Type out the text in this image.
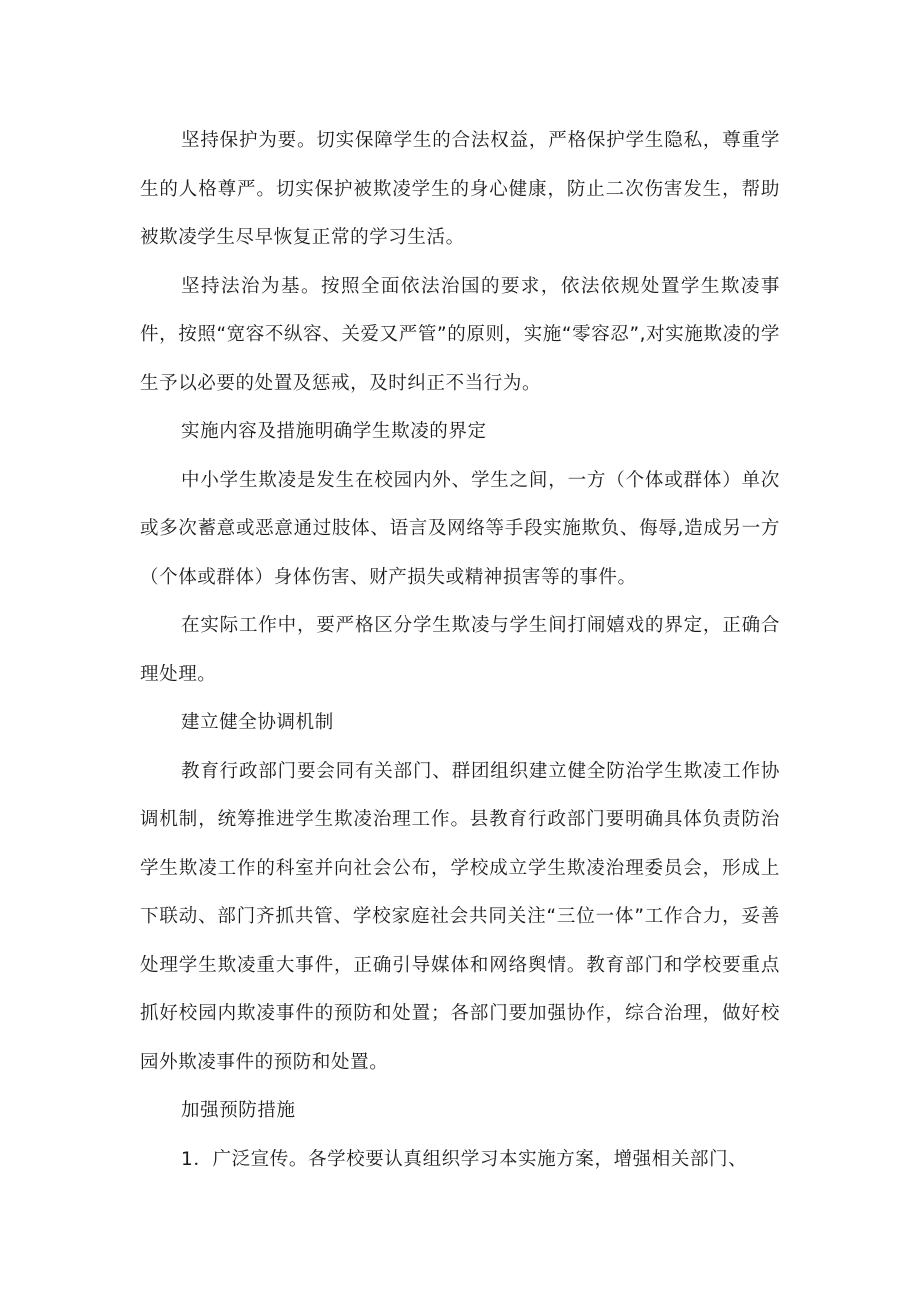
坚持保护为要。切实保障学生的合法权益，严格保护学生隐私，尊重学生的人格尊严。切实保护被欺凌学生的身心健康，防止二次伤害发生，帮助被欺凌学生尽早恢复正常的学习生活。

坚持法治为基。按照全面依法治国的要求，依法依规处置学生欺凌事件，按照“宽容不纵容、关爱又严管”的原则，实施“零容忍”,对实施欺凌的学生予以必要的处置及惩戒，及时纠正不当行为。

实施内容及措施明确学生欺凌的界定

中小学生欺凌是发生在校园内外、学生之间，一方（个体或群体）单次或多次蓄意或恶意通过肢体、语言及网络等手段实施欺负、侮辱,造成另一方（个体或群体）身体伤害、财产损失或精神损害等的事件。

在实际工作中，要严格区分学生欺凌与学生间打闹嬉戏的界定，正确合理处理。

建立健全协调机制

教育行政部门要会同有关部门、群团组织建立健全防治学生欺凌工作协调机制，统筹推进学生欺凌治理工作。县教育行政部门要明确具体负责防治学生欺凌工作的科室并向社会公布，学校成立学生欺凌治理委员会，形成上下联动、部门齐抓共管、学校家庭社会共同关注“三位一体”工作合力，妥善处理学生欺凌重大事件，正确引导媒体和网络舆情。教育部门和学校要重点抓好校园内欺凌事件的预防和处置；各部门要加强协作，综合治理，做好校园外欺凌事件的预防和处置。

加强预防措施

1．广泛宣传。各学校要认真组织学习本实施方案，增强相关部门、
